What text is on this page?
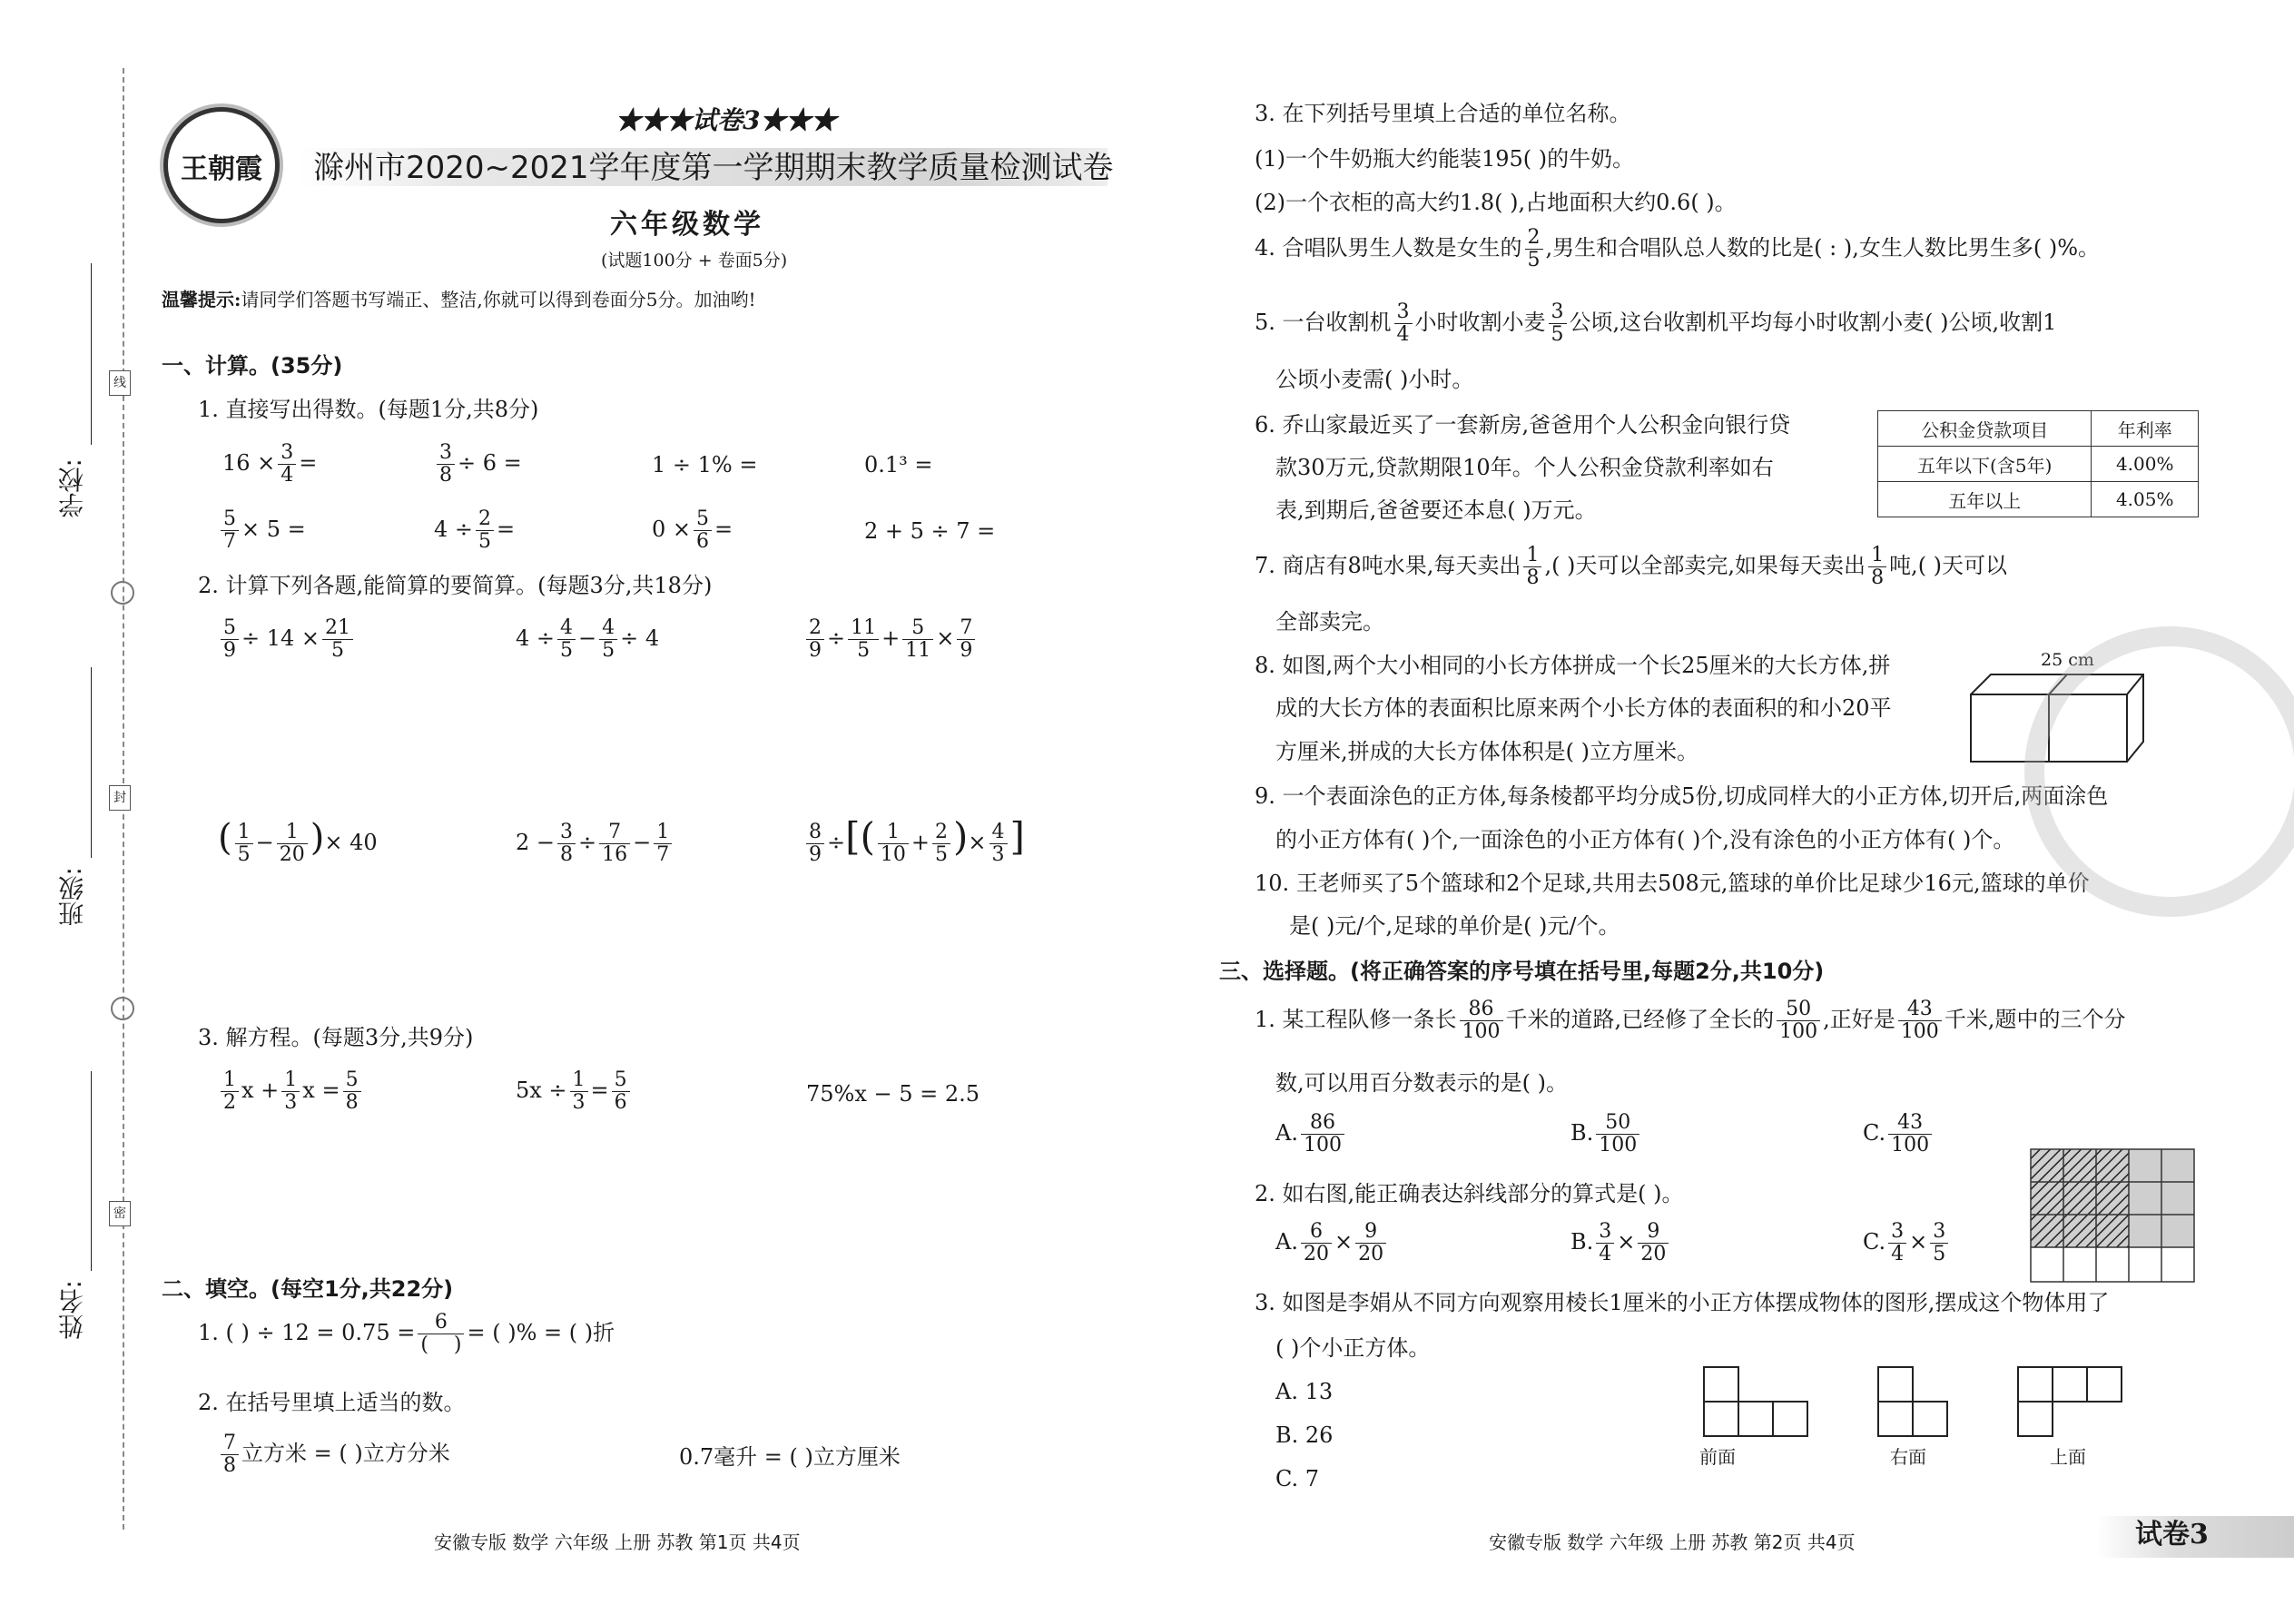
学校:
班级:
姓名:
线
封
密
王朝霞
★★★试卷3★★★
滁州市2020~2021学年度第一学期期末教学质量检测试卷
六年级数学
(试题100分 + 卷面5分)
温馨提示:请同学们答题书写端正、整洁,你就可以得到卷面分5分。加油哟!
一、计算。(35分)
1. 直接写出得数。(每题1分,共8分)
$16 \times \frac{3}{4}$ =	$\frac{3}{8} \div 6$ =	1 ÷ 1% =	0.1³ =
$\frac{5}{7} \times 5$ =	$4 \div \frac{2}{5}$ =	$0 \times \frac{5}{6}$ =	2 + 5 ÷ 7 =
2. 计算下列各题,能简算的要简算。(每题3分,共18分)
$\frac{5}{9} \div 14 \times \frac{21}{5}$	$4 \div \frac{4}{5} - \frac{4}{5} \div 4$	$\frac{2}{9} \div \frac{11}{5} + \frac{5}{11} \times \frac{7}{9}$
( $\frac{1}{5} - \frac{1}{20}$ )× 40	$2 - \frac{3}{8} \div \frac{7}{16} - \frac{1}{7}$	$\frac{8}{9}$ ÷[( $\frac{1}{10} + \frac{2}{5}$ )× $\frac{4}{3}$ ]
3. 解方程。(每题3分,共9分)
$\frac{1}{2}$ $x + \frac{1}{3}$ $x = \frac{5}{8}$	$5x \div \frac{1}{3} = \frac{5}{6}$	75%x − 5 = 2.5
二、填空。(每空1分,共22分)
1. ( ) ÷ $12 = 0.75 = \frac{6}{( )}$ = ( )% = ( )折
2. 在括号里填上适当的数。
$\frac{7}{8}$ 立方米 = ( )立方分米	0.7毫升 = ( )立方厘米
安徽专版 数学 六年级 上册 苏教 第1页 共4页
3. 在下列括号里填上合适的单位名称。
(1)一个牛奶瓶大约能装195( )的牛奶。
(2)一个衣柜的高大约1.8( ),占地面积大约0.6( )。
4. 合唱队男生人数是女生的 $\frac{2}{5}$ ,男生和合唱队总人数的比是( : ),女生人数比男生多( )%。
5. 一台收割机 $\frac{3}{4}$ 小时收割小麦 $\frac{3}{5}$ 公顷,这台收割机平均每小时收割小麦( )公顷,收割1
公顷小麦需( )小时。
6. 乔山家最近买了一套新房,爸爸用个人公积金向银行贷
款30万元,贷款期限10年。个人公积金贷款利率如右
表,到期后,爸爸要还本息( )万元。
公积金贷款项目	年利率
五年以下(含5年)	4.00%
五年以上	4.05%
7. 商店有8吨水果,每天卖出 $\frac{1}{8}$ ,( )天可以全部卖完,如果每天卖出 $\frac{1}{8}$ 吨,( )天可以
全部卖完。
8. 如图,两个大小相同的小长方体拼成一个长25厘米的大长方体,拼
成的大长方体的表面积比原来两个小长方体的表面积的和小20平
方厘米,拼成的大长方体体积是( )立方厘米。
25 cm
9. 一个表面涂色的正方体,每条棱都平均分成5份,切成同样大的小正方体,切开后,两面涂色
的小正方体有( )个,一面涂色的小正方体有( )个,没有涂色的小正方体有( )个。
10. 王老师买了5个篮球和2个足球,共用去508元,篮球的单价比足球少16元,篮球的单价
是( )元/个,足球的单价是( )元/个。
三、选择题。(将正确答案的序号填在括号里,每题2分,共10分)
1. 某工程队修一条长 $\frac{86}{100}$ 千米的道路,已经修了全长的 $\frac{50}{100}$ ,正好是 $\frac{43}{100}$ 千米,题中的三个分
数,可以用百分数表示的是( )。
A. $\frac{86}{100}$	B. $\frac{50}{100}$	C. $\frac{43}{100}$
2. 如右图,能正确表达斜线部分的算式是( )。
A. $\frac{6}{20} \times \frac{9}{20}$	B. $\frac{3}{4} \times \frac{9}{20}$	C. $\frac{3}{4} \times \frac{3}{5}$
3. 如图是李娟从不同方向观察用棱长1厘米的小正方体摆成物体的图形,摆成这个物体用了
( )个小正方体。
A. 13
B. 26
C. 7
前面	右面	上面
安徽专版 数学 六年级 上册 苏教 第2页 共4页	试卷3
